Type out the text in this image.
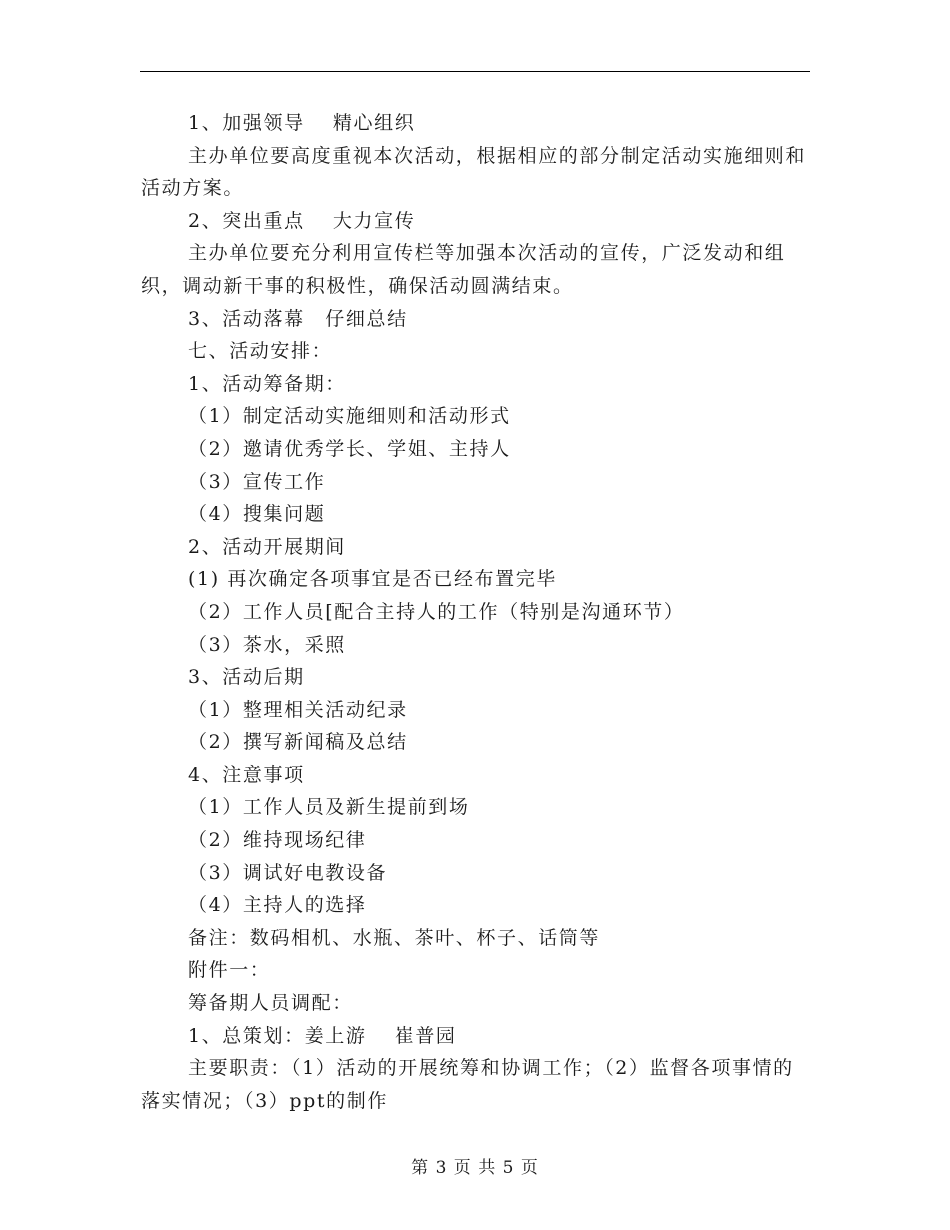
1、加强领导　 精心组织
主办单位要高度重视本次活动，根据相应的部分制定活动实施细则和活动方案。
2、突出重点　 大力宣传
主办单位要充分利用宣传栏等加强本次活动的宣传，广泛发动和组织，调动新干事的积极性，确保活动圆满结束。
3、活动落幕　仔细总结
七、活动安排：
1、活动筹备期：
（1）制定活动实施细则和活动形式
（2）邀请优秀学长、学姐、主持人
（3）宣传工作
（4）搜集问题
2、活动开展期间
(1) 再次确定各项事宜是否已经布置完毕
（2）工作人员[配合主持人的工作（特别是沟通环节）
（3）茶水，采照
3、活动后期
（1）整理相关活动纪录
（2）撰写新闻稿及总结
4、注意事项
（1）工作人员及新生提前到场
（2）维持现场纪律
（3）调试好电教设备
（4）主持人的选择
备注：数码相机、水瓶、茶叶、杯子、话筒等
附件一：
筹备期人员调配：
1、总策划：姜上游　 崔普园
主要职责：（1）活动的开展统筹和协调工作；（2）监督各项事情的落实情况；（3）ppt的制作
第 3 页 共 5 页
